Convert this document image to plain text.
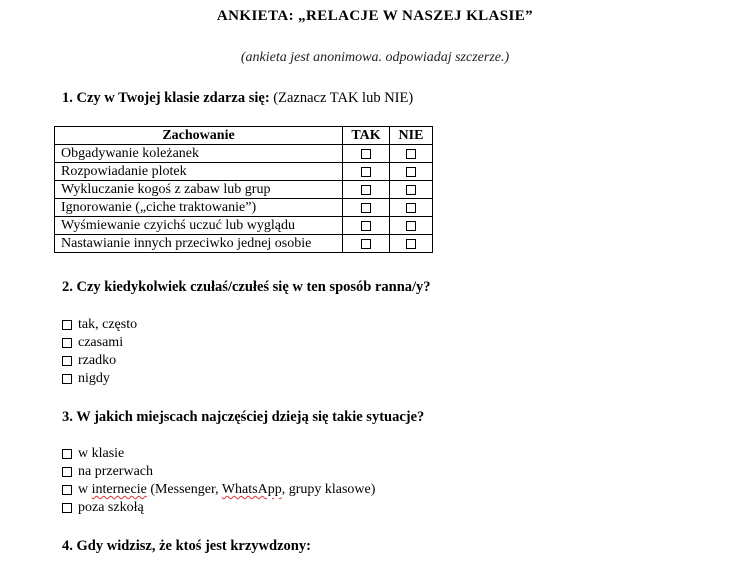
ANKIETA: „RELACJE W NASZEJ KLASIE”
(ankieta jest anonimowa. odpowiadaj szczerze.)
1. Czy w Twojej klasie zdarza się: (Zaznacz TAK lub NIE)
Zachowanie	TAK	NIE
Obgadywanie koleżanek		
Rozpowiadanie plotek		
Wykluczanie kogoś z zabaw lub grup		
Ignorowanie („ciche traktowanie”)		
Wyśmiewanie czyichś uczuć lub wyglądu		
Nastawianie innych przeciwko jednej osobie		
2. Czy kiedykolwiek czułaś/czułeś się w ten sposób ranna/y?
tak, często
czasami
rzadko
nigdy
3. W jakich miejscach najczęściej dzieją się takie sytuacje?
w klasie
na przerwach
w internecie (Messenger, WhatsApp, grupy klasowe)
poza szkołą
4. Gdy widzisz, że ktoś jest krzywdzony:
